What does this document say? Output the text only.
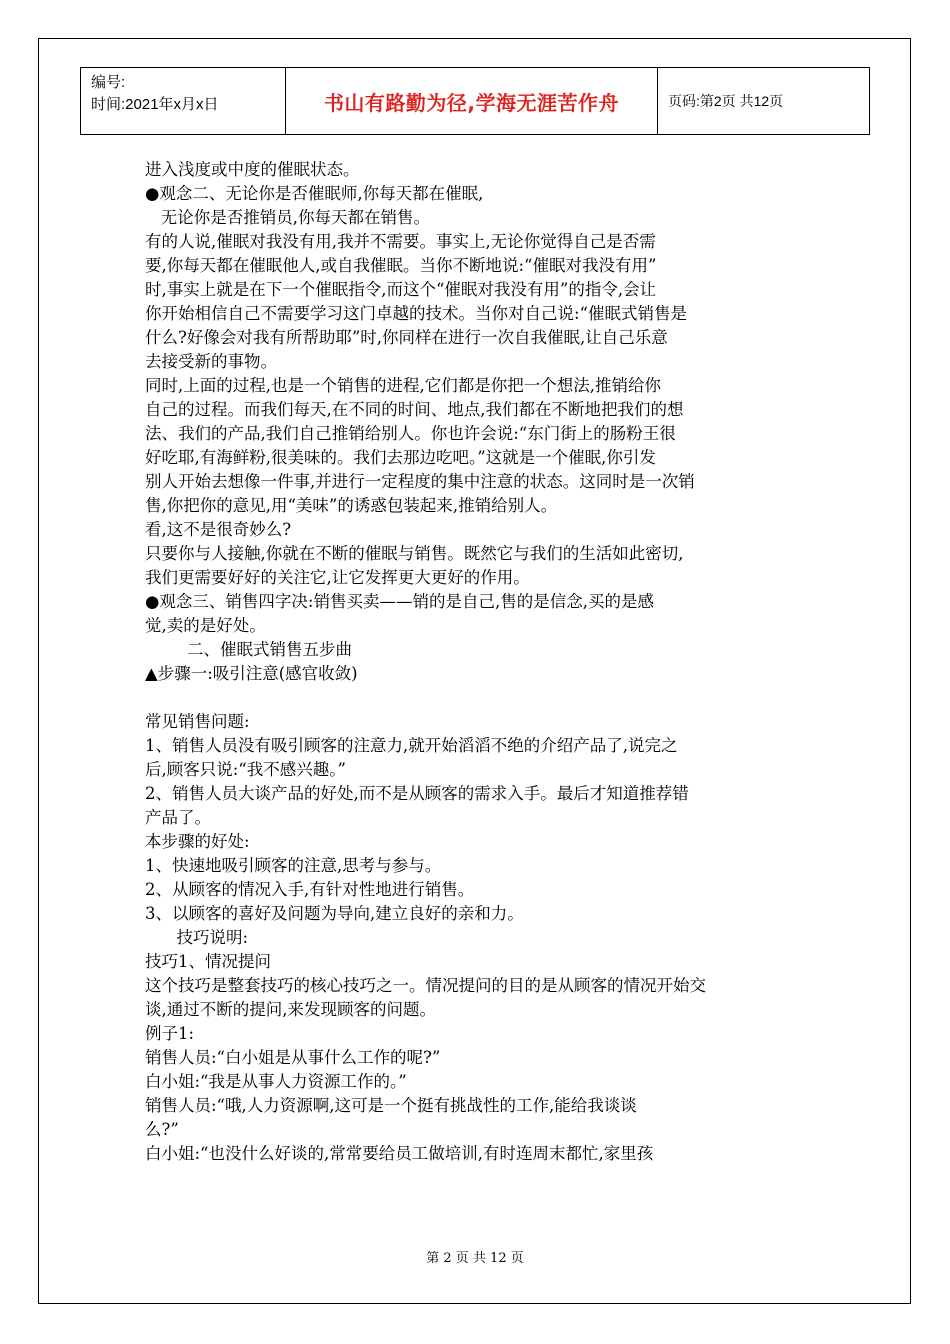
编号:
时间:2021年x月x日	书山有路勤为径,学海无涯苦作舟	页码:第2页 共12页

进入浅度或中度的催眠状态。

●观念二、无论你是否催眠师,你每天都在催眠,

无论你是否推销员,你每天都在销售。

有的人说,催眠对我没有用,我并不需要。事实上,无论你觉得自己是否需

要,你每天都在催眠他人,或自我催眠。当你不断地说:“催眠对我没有用”

时,事实上就是在下一个催眠指令,而这个“催眠对我没有用”的指令,会让

你开始相信自己不需要学习这门卓越的技术。当你对自己说:“催眠式销售是

什么?好像会对我有所帮助耶”时,你同样在进行一次自我催眠,让自己乐意

去接受新的事物。

同时,上面的过程,也是一个销售的进程,它们都是你把一个想法,推销给你

自己的过程。而我们每天,在不同的时间、地点,我们都在不断地把我们的想

法、我们的产品,我们自己推销给别人。你也许会说:“东门街上的肠粉王很

好吃耶,有海鲜粉,很美味的。我们去那边吃吧。”这就是一个催眠,你引发

别人开始去想像一件事,并进行一定程度的集中注意的状态。这同时是一次销

售,你把你的意见,用“美味”的诱惑包装起来,推销给别人。

看,这不是很奇妙么?

只要你与人接触,你就在不断的催眠与销售。既然它与我们的生活如此密切,

我们更需要好好的关注它,让它发挥更大更好的作用。

●观念三、销售四字决:销售买卖——销的是自己,售的是信念,买的是感

觉,卖的是好处。

二、催眠式销售五步曲

▲步骤一:吸引注意(感官收敛)

常见销售问题:

1、销售人员没有吸引顾客的注意力,就开始滔滔不绝的介绍产品了,说完之

后,顾客只说:“我不感兴趣。”

2、销售人员大谈产品的好处,而不是从顾客的需求入手。最后才知道推荐错

产品了。

本步骤的好处:

1、快速地吸引顾客的注意,思考与参与。

2、从顾客的情况入手,有针对性地进行销售。

3、以顾客的喜好及问题为导向,建立良好的亲和力。

技巧说明:

技巧1、情况提问

这个技巧是整套技巧的核心技巧之一。情况提问的目的是从顾客的情况开始交

谈,通过不断的提问,来发现顾客的问题。

例子1:

销售人员:“白小姐是从事什么工作的呢?”

白小姐:“我是从事人力资源工作的。”

销售人员:“哦,人力资源啊,这可是一个挺有挑战性的工作,能给我谈谈

么?”

白小姐:“也没什么好谈的,常常要给员工做培训,有时连周末都忙,家里孩

第 2 页 共 12 页
